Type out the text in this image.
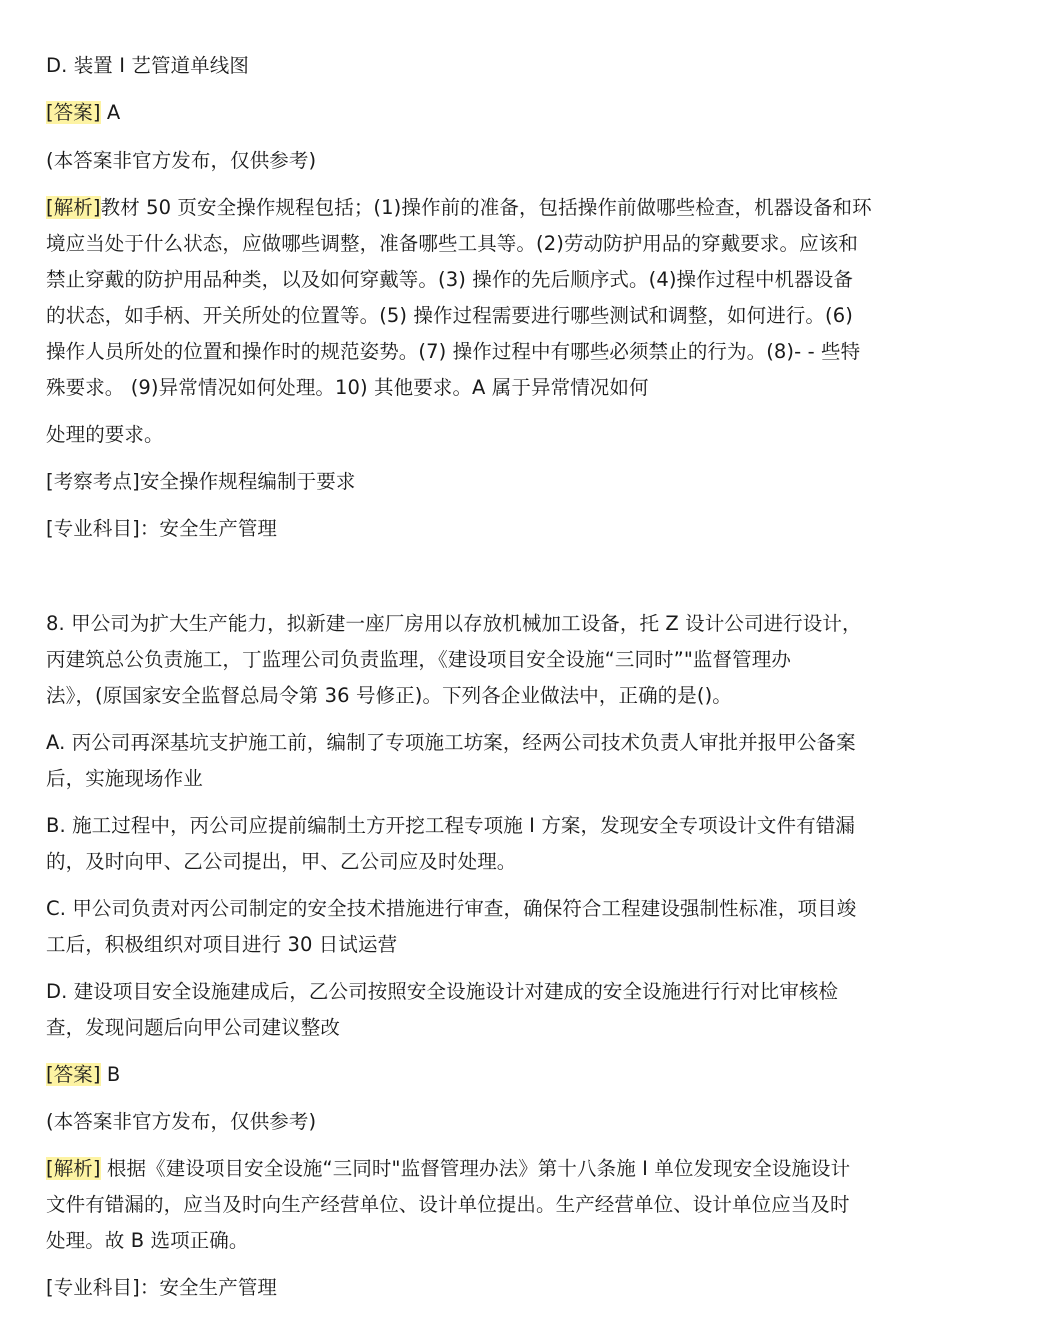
D. 装置 I 艺管道单线图
[答案] A
(本答案非官方发布，仅供参考)
[解析]教材 50 页安全操作规程包括；(1)操作前的准备，包括操作前做哪些检查，机器设备和环
境应当处于什么状态，应做哪些调整，准备哪些工具等。(2)劳动防护用品的穿戴要求。应该和
禁止穿戴的防护用品种类，以及如何穿戴等。(3) 操作的先后顺序式。(4)操作过程中机器设备
的状态，如手柄、开关所处的位置等。(5) 操作过程需要进行哪些测试和调整，如何进行。(6)
操作人员所处的位置和操作时的规范姿势。(7) 操作过程中有哪些必须禁止的行为。(8)- - 些特
殊要求。 (9)异常情况如何处理。10) 其他要求。A 属于异常情况如何
处理的要求。
[考察考点]安全操作规程编制于要求
[专业科目]：安全生产管理
8. 甲公司为扩大生产能力，拟新建一座厂房用以存放机械加工设备，托 Z 设计公司进行设计，
丙建筑总公负责施工，丁监理公司负责监理，《建设项目安全设施“三同时”"监督管理办
法》，(原国家安全监督总局令第 36 号修正)。下列各企业做法中，正确的是()。
A. 丙公司再深基坑支护施工前，编制了专项施工坊案，经两公司技术负责人审批并报甲公备案
后，实施现场作业
B. 施工过程中，丙公司应提前编制土方开挖工程专项施 I 方案，发现安全专项设计文件有错漏
的，及时向甲、乙公司提出，甲、乙公司应及时处理。
C. 甲公司负责对丙公司制定的安全技术措施进行审查，确保符合工程建设强制性标准，项目竣
工后，积极组织对项目进行 30 日试运营
D. 建设项目安全设施建成后，乙公司按照安全设施设计对建成的安全设施进行行对比审核检
查，发现问题后向甲公司建议整改
[答案] B
(本答案非官方发布，仅供参考)
[解析] 根据《建设项目安全设施“三同时"监督管理办法》第十八条施 I 单位发现安全设施设计
文件有错漏的，应当及时向生产经营单位、设计单位提出。生产经营单位、设计单位应当及时
处理。故 B 选项正确。
[专业科目]：安全生产管理
